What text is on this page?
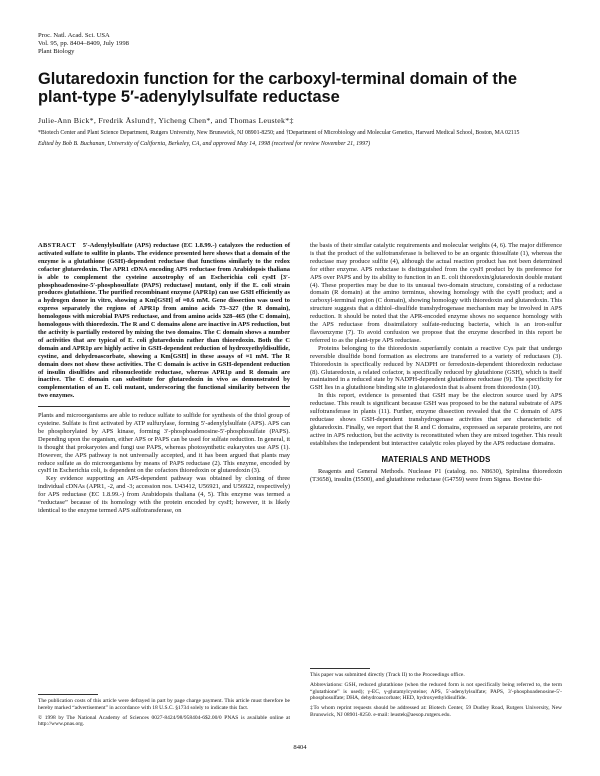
Proc. Natl. Acad. Sci. USA
Vol. 95, pp. 8404–8409, July 1998
Plant Biology
Glutaredoxin function for the carboxyl-terminal domain of the plant-type 5′-adenylylsulfate reductase
Julie-Ann Bick*, Fredrik Åslund†, Yicheng Chen*, and Thomas Leustek*‡
*Biotech Center and Plant Science Department, Rutgers University, New Brunswick, NJ 08901-8250; and †Department of Microbiology and Molecular Genetics, Harvard Medical School, Boston, MA 02115
Edited by Bob B. Buchanan, University of California, Berkeley, CA, and approved May 14, 1998 (received for review November 21, 1997)
ABSTRACT 5′-Adenylylsulfate (APS) reductase (EC 1.8.99.-) catalyzes the reduction of activated sulfate to sulfite in plants. The evidence presented here shows that a domain of the enzyme is a glutathione (GSH)-dependent reductase that functions similarly to the redox cofactor glutaredoxin. The APR1 cDNA encoding APS reductase from Arabidopsis thaliana is able to complement the cysteine auxotrophy of an Escherichia coli cysH [3′-phosphoadenosine-5′-phosphosulfate (PAPS) reductase] mutant, only if the E. coli strain produces glutathione. The purified recombinant enzyme (APR1p) can use GSH efficiently as a hydrogen donor in vitro, showing a Km[GSH] of ≈0.6 mM. Gene dissection was used to express separately the regions of APR1p from amino acids 73–327 (the R domain), homologous with microbial PAPS reductase, and from amino acids 328–465 (the C domain), homologous with thioredoxin. The R and C domains alone are inactive in APS reduction, but the activity is partially restored by mixing the two domains. The C domain shows a number of activities that are typical of E. coli glutaredoxin rather than thioredoxin. Both the C domain and APR1p are highly active in GSH-dependent reduction of hydroxyethyldisulfide, cystine, and dehydroascorbate, showing a Km[GSH] in these assays of ≈1 mM. The R domain does not show these activities. The C domain is active in GSH-dependent reduction of insulin disulfides and ribonucleotide reductase, whereas APR1p and R domain are inactive. The C domain can substitute for glutaredoxin in vivo as demonstrated by complementation of an E. coli mutant, underscoring the functional similarity between the two enzymes.

Plants and microorganisms are able to reduce sulfate to sulfide for synthesis of the thiol group of cysteine. Sulfate is first activated by ATP sulfurylase, forming 5′-adenylylsulfate (APS). APS can be phosphorylated by APS kinase, forming 3′-phosphoadenosine-5′-phosphosulfate (PAPS). Depending upon the organism, either APS or PAPS can be used for sulfate reduction. In general, it is thought that prokaryotes and fungi use PAPS, whereas photosynthetic eukaryotes use APS (1). However, the APS pathway is not universally accepted, and it has been argued that plants may reduce sulfate as do microorganisms by means of PAPS reductase (2). This enzyme, encoded by cysH in Escherichia coli, is dependent on the cofactors thioredoxin or glutaredoxin (3).

Key evidence supporting an APS-dependent pathway was obtained by cloning of three individual cDNAs (APR1, -2, and -3; accession nos. U43412, U56921, and U56922, respectively) for APS reductase (EC 1.8.99.-) from Arabidopsis thaliana (4, 5). This enzyme was termed a “reductase” because of its homology with the protein encoded by cysH; however, it is likely identical to the enzyme termed APS sulfotransferase, on

the basis of their similar catalytic requirements and molecular weights (4, 6). The major difference is that the product of the sulfotransferase is believed to be an organic thiosulfate (1), whereas the reductase may produce sulfite (4), although the actual reaction product has not been determined for either enzyme. APS reductase is distinguished from the cysH product by its preference for APS over PAPS and by its ability to function in an E. coli thioredoxin/glutaredoxin double mutant (4). These properties may be due to its unusual two-domain structure, consisting of a reductase domain (R domain) at the amino terminus, showing homology with the cysH product; and a carboxyl-terminal region (C domain), showing homology with thioredoxin and glutaredoxin. This structure suggests that a dithiol–disulfide transhydrogenase mechanism may be involved in APS reduction. It should be noted that the APR-encoded enzyme shows no sequence homology with the APS reductase from dissimilatory sulfate-reducing bacteria, which is an iron-sulfur flavoenzyme (7). To avoid confusion we propose that the enzyme described in this report be referred to as the plant-type APS reductase.

Proteins belonging to the thioredoxin superfamily contain a reactive Cys pair that undergo reversible disulfide bond formation as electrons are transferred to a variety of reductases (3). Thioredoxin is specifically reduced by NADPH or ferredoxin-dependent thioredoxin reductase (8). Glutaredoxin, a related cofactor, is specifically reduced by glutathione (GSH), which is itself maintained in a reduced state by NADPH-dependent glutathione reductase (9). The specificity for GSH lies in a glutathione binding site in glutaredoxin that is absent from thioredoxin (10).

In this report, evidence is presented that GSH may be the electron source used by APS reductase. This result is significant because GSH was proposed to be the natural substrate of APS sulfotransferase in plants (11). Further, enzyme dissection revealed that the C domain of APS reductase shows GSH-dependent transhydrogenase activities that are characteristic of glutaredoxin. Finally, we report that the R and C domains, expressed as separate proteins, are not active in APS reduction, but the activity is reconstituted when they are mixed together. This result establishes the independent but interactive catalytic roles played by the APS reductase domains.

MATERIALS AND METHODS

Reagents and General Methods. Nuclease P1 (catalog. no. N8630), Spirulina thioredoxin (T3658), insulin (I5500), and glutathione reductase (G4759) were from Sigma. Bovine thi-

The publication costs of this article were defrayed in part by page charge payment. This article must therefore be hereby marked “advertisement” in accordance with 18 U.S.C. §1734 solely to indicate this fact.

© 1998 by The National Academy of Sciences 0027-8424/98/958404-6$2.00/0 PNAS is available online at http://www.pnas.org.

This paper was submitted directly (Track II) to the Proceedings office.

Abbreviations: GSH, reduced glutathione (when the reduced form is not specifically being referred to, the term “glutathione” is used); γ-EC, γ-glutamylcysteine; APS, 5′-adenylylsulfate; PAPS, 3′-phosphoadenosine-5′-phosphosulfate; DHA, dehydroascorbate; HED, hydroxyethyldisulfide.

‡To whom reprint requests should be addressed at: Biotech Center, 59 Dudley Road, Rutgers University, New Brunswick, NJ 08901-8250. e-mail: leustek@aesop.rutgers.edu.

8404
